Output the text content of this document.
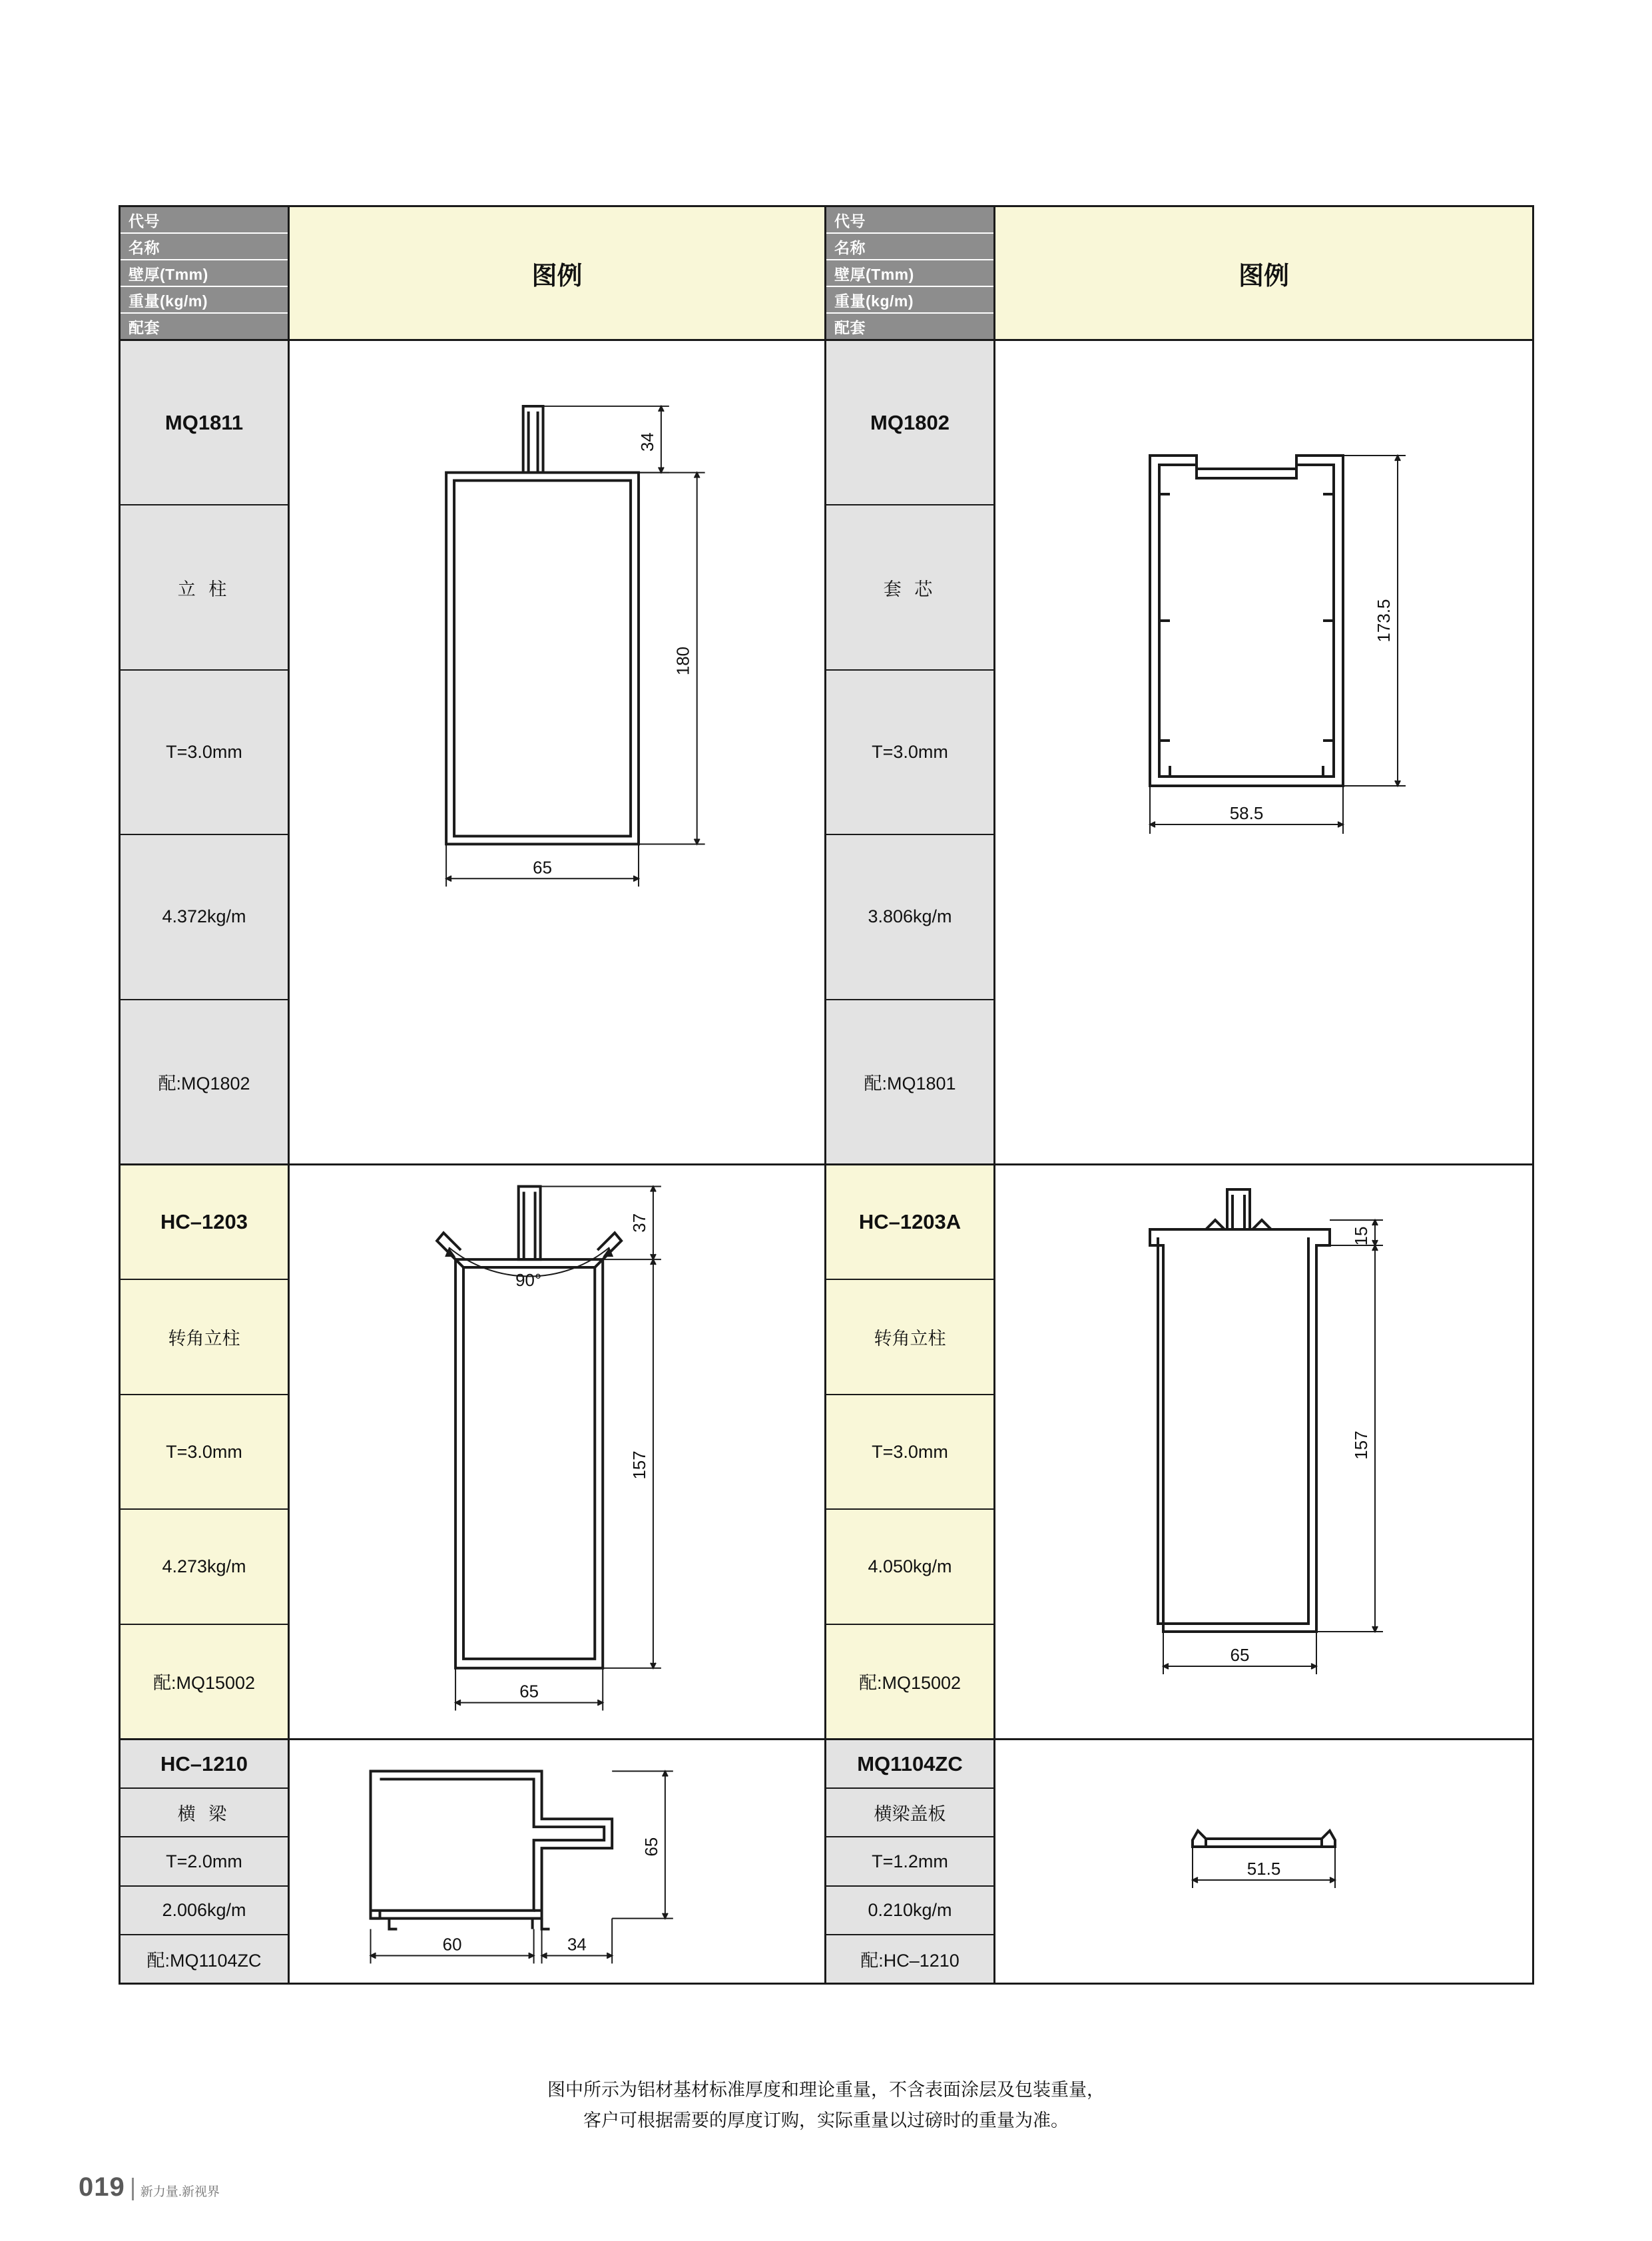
代号
名称
壁厚(Tmm)
重量(kg/m)
配套
图例
代号
名称
壁厚(Tmm)
重量(kg/m)
配套
图例
MQ1811
立 柱
T=3.0mm
4.372kg/m
配:MQ1802
34
180
65
MQ1802
套 芯
T=3.0mm
3.806kg/m
配:MQ1801
173.5
58.5
HC–1203
转角立柱
T=3.0mm
4.273kg/m
配:MQ15002
90°
37
157
65
HC–1203A
转角立柱
T=3.0mm
4.050kg/m
配:MQ15002
15
157
65
HC–1210
横 梁
T=2.0mm
2.006kg/m
配:MQ1104ZC
65
60	34
MQ1104ZC
横梁盖板
T=1.2mm
0.210kg/m
配:HC–1210
51.5
图中所示为铝材基材标准厚度和理论重量，不含表面涂层及包装重量，
客户可根据需要的厚度订购，实际重量以过磅时的重量为准。
019 新力量.新视界
